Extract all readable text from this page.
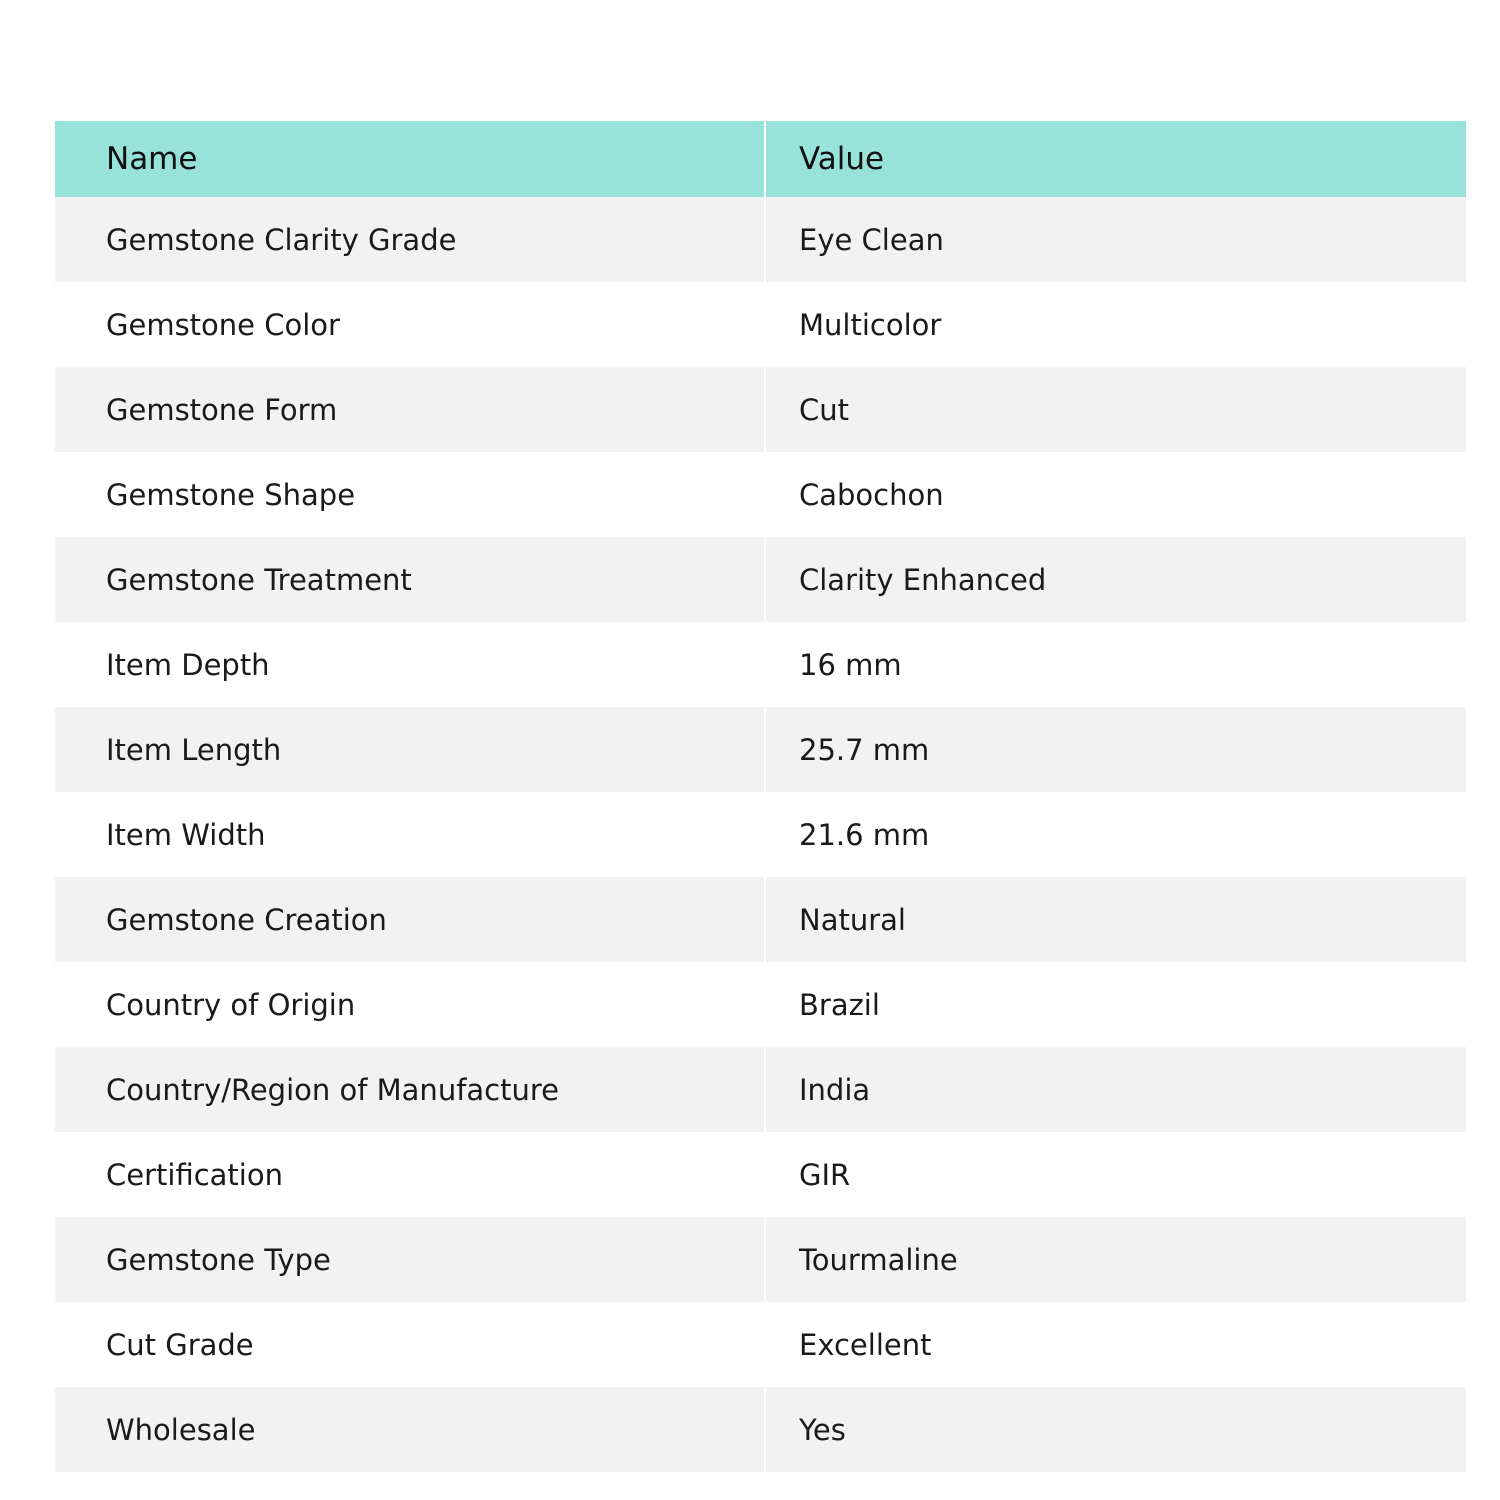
Name	Value
Gemstone Clarity Grade	Eye Clean
Gemstone Color	Multicolor
Gemstone Form	Cut
Gemstone Shape	Cabochon
Gemstone Treatment	Clarity Enhanced
Item Depth	16 mm
Item Length	25.7 mm
Item Width	21.6 mm
Gemstone Creation	Natural
Country of Origin	Brazil
Country/Region of Manufacture	India
Certification	GIR
Gemstone Type	Tourmaline
Cut Grade	Excellent
Wholesale	Yes
